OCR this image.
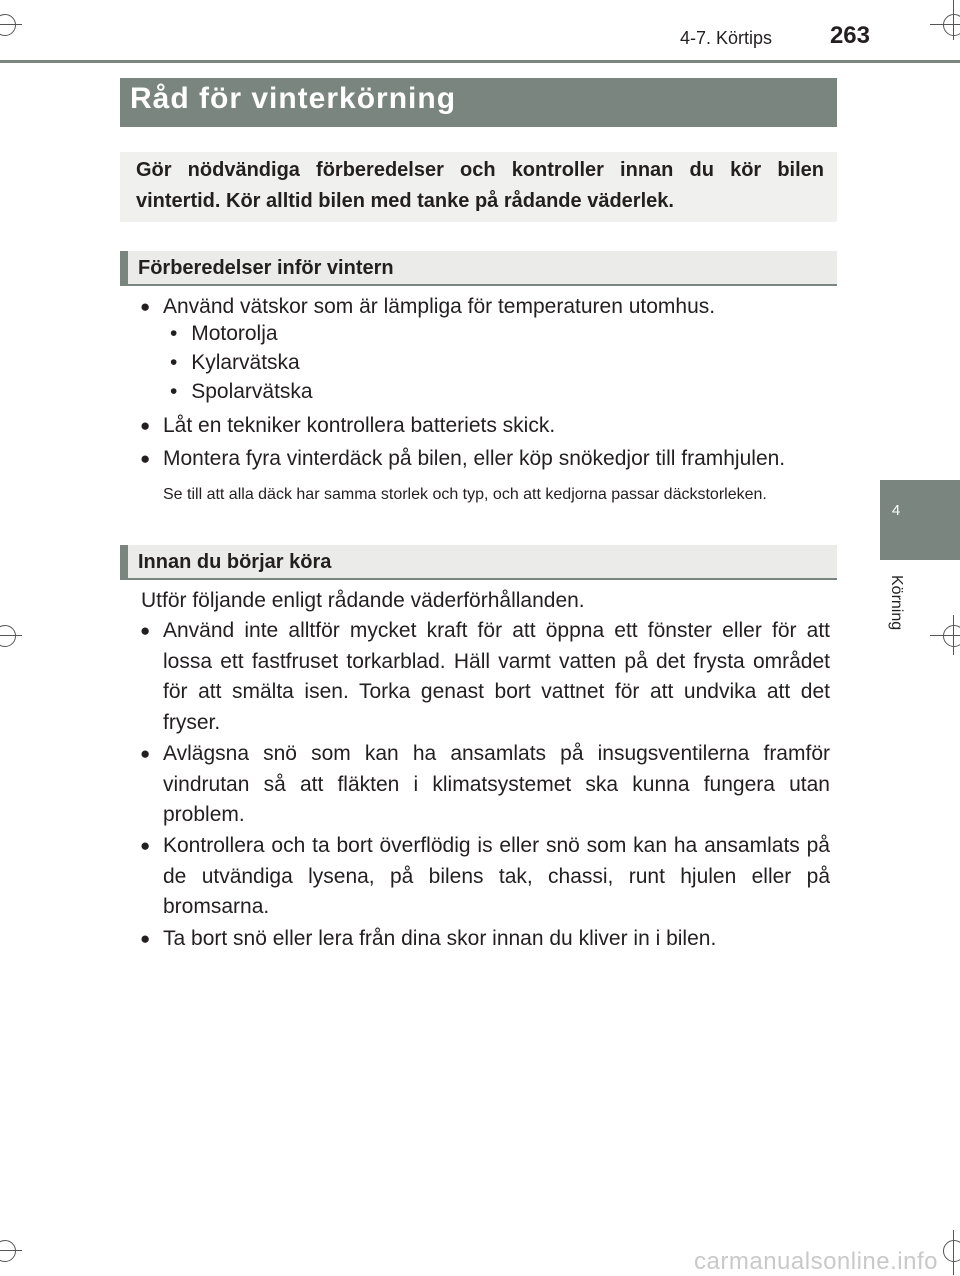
4-7. Körtips	263
4
Körning
Råd för vinterkörning
Gör nödvändiga förberedelser och kontroller innan du kör bilen vintertid. Kör alltid bilen med tanke på rådande väderlek.
Förberedelser inför vintern
● Använd vätskor som är lämpliga för temperaturen utomhus.
• Motorolja
• Kylarvätska
• Spolarvätska
● Låt en tekniker kontrollera batteriets skick.
● Montera fyra vinterdäck på bilen, eller köp snökedjor till framhjulen.
Se till att alla däck har samma storlek och typ, och att kedjorna passar däckstorleken.
Innan du börjar köra
Utför följande enligt rådande väderförhållanden.
● Använd inte alltför mycket kraft för att öppna ett fönster eller för att lossa ett fastfruset torkarblad. Häll varmt vatten på det frysta området för att smälta isen. Torka genast bort vattnet för att undvika att det fryser.
● Avlägsna snö som kan ha ansamlats på insugsventilerna framför vindrutan så att fläkten i klimatsystemet ska kunna fungera utan problem.
● Kontrollera och ta bort överflödig is eller snö som kan ha ansamlats på de utvändiga lysena, på bilens tak, chassi, runt hjulen eller på bromsarna.
● Ta bort snö eller lera från dina skor innan du kliver in i bilen.
carmanualsonline.info
